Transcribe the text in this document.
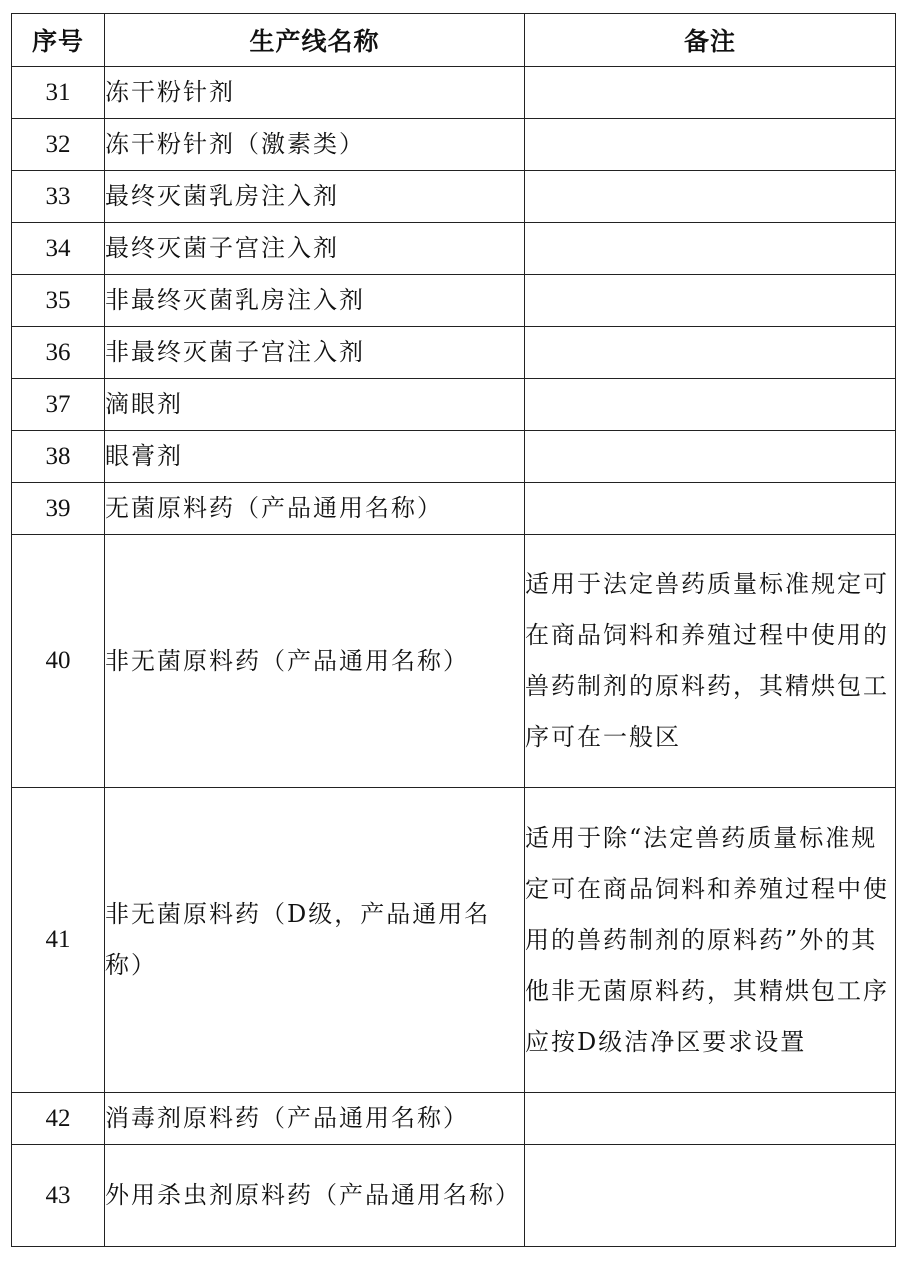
序号	生产线名称	备注
31	冻干粉针剂	
32	冻干粉针剂（激素类）	
33	最终灭菌乳房注入剂	
34	最终灭菌子宫注入剂	
35	非最终灭菌乳房注入剂	
36	非最终灭菌子宫注入剂	
37	滴眼剂	
38	眼膏剂	
39	无菌原料药（产品通用名称）	
40	非无菌原料药（产品通用名称）	适用于法定兽药质量标准规定可在商品饲料和养殖过程中使用的兽药制剂的原料药，其精烘包工序可在一般区
41	非无菌原料药（D级，产品通用名称）	适用于除“法定兽药质量标准规定可在商品饲料和养殖过程中使用的兽药制剂的原料药”外的其他非无菌原料药，其精烘包工序应按D级洁净区要求设置
42	消毒剂原料药（产品通用名称）	
43	外用杀虫剂原料药（产品通用名称）	
